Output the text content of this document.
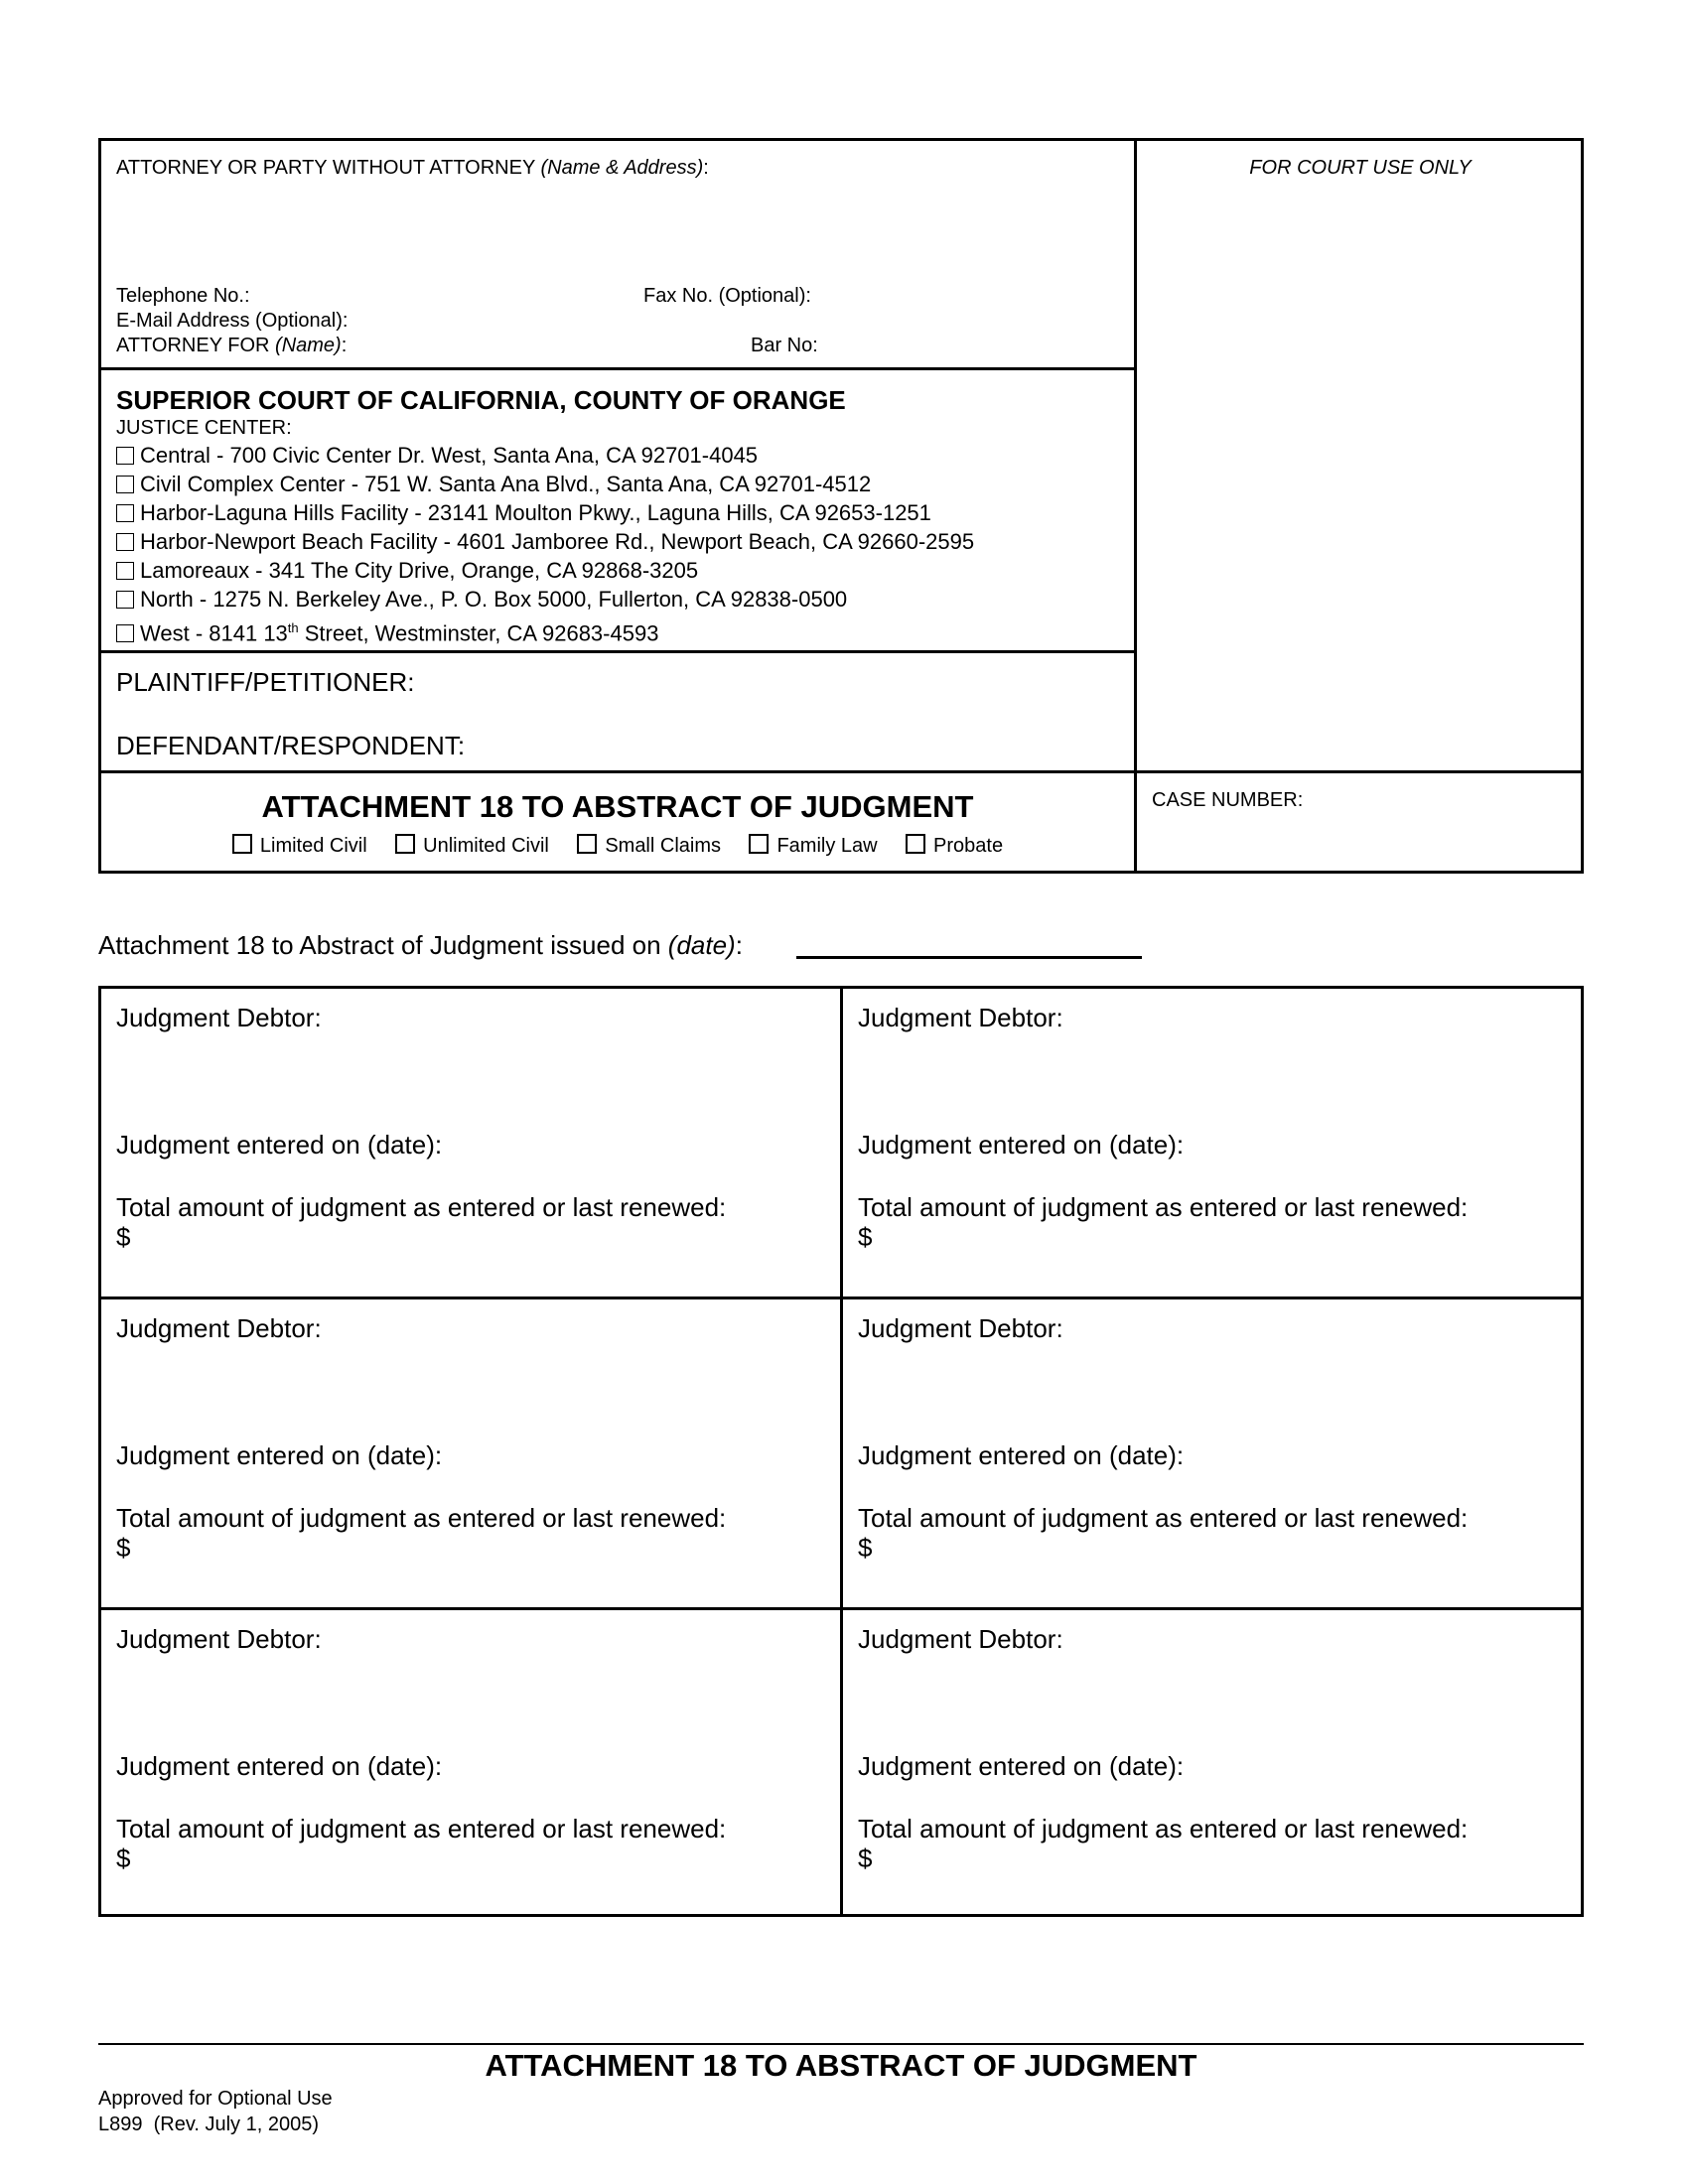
ATTORNEY OR PARTY WITHOUT ATTORNEY (Name & Address):	FOR COURT USE ONLY
Telephone No.:	Fax No. (Optional):
E-Mail Address (Optional):
ATTORNEY FOR (Name):	Bar No:
SUPERIOR COURT OF CALIFORNIA, COUNTY OF ORANGE
JUSTICE CENTER:
Central - 700 Civic Center Dr. West, Santa Ana, CA 92701-4045
Civil Complex Center - 751 W. Santa Ana Blvd., Santa Ana, CA 92701-4512
Harbor-Laguna Hills Facility - 23141 Moulton Pkwy., Laguna Hills, CA 92653-1251
Harbor-Newport Beach Facility - 4601 Jamboree Rd., Newport Beach, CA 92660-2595
Lamoreaux - 341 The City Drive, Orange, CA 92868-3205
North - 1275 N. Berkeley Ave., P. O. Box 5000, Fullerton, CA 92838-0500
West - 8141 13th Street, Westminster, CA 92683-4593
PLAINTIFF/PETITIONER:
DEFENDANT/RESPONDENT:
ATTACHMENT 18 TO ABSTRACT OF JUDGMENT
Limited Civil	Unlimited Civil	Small Claims	Family Law	Probate
CASE NUMBER:
Attachment 18 to Abstract of Judgment issued on (date):
Judgment Debtor:
Judgment entered on (date):
Total amount of judgment as entered or last renewed:
$
Judgment Debtor:
Judgment entered on (date):
Total amount of judgment as entered or last renewed:
$
Judgment Debtor:
Judgment entered on (date):
Total amount of judgment as entered or last renewed:
$
Judgment Debtor:
Judgment entered on (date):
Total amount of judgment as entered or last renewed:
$
Judgment Debtor:
Judgment entered on (date):
Total amount of judgment as entered or last renewed:
$
Judgment Debtor:
Judgment entered on (date):
Total amount of judgment as entered or last renewed:
$
ATTACHMENT 18 TO ABSTRACT OF JUDGMENT
Approved for Optional Use
L899  (Rev. July 1, 2005)
